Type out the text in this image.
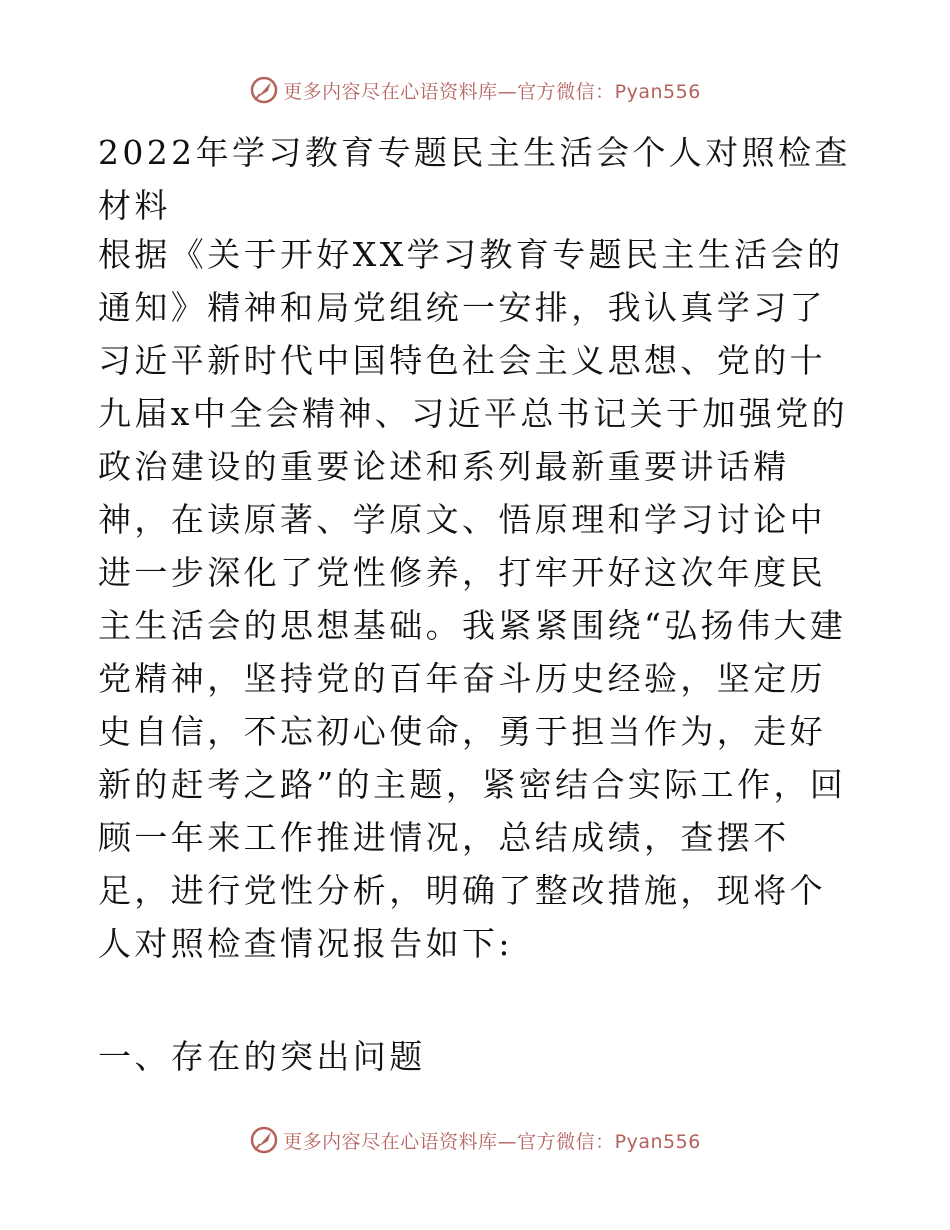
更多内容尽在心语资料库—官方微信：Pyan556
2022年学习教育专题民主生活会个人对照检查材料
根据《关于开好XX学习教育专题民主生活会的通知》精神和局党组统一安排，我认真学习了习近平新时代中国特色社会主义思想、党的十九届x中全会精神、习近平总书记关于加强党的政治建设的重要论述和系列最新重要讲话精神，在读原著、学原文、悟原理和学习讨论中进一步深化了党性修养，打牢开好这次年度民主生活会的思想基础。我紧紧围绕“弘扬伟大建党精神，坚持党的百年奋斗历史经验，坚定历史自信，不忘初心使命，勇于担当作为，走好新的赶考之路”的主题，紧密结合实际工作，回顾一年来工作推进情况，总结成绩，查摆不足，进行党性分析，明确了整改措施，现将个人对照检查情况报告如下:
一、存在的突出问题
更多内容尽在心语资料库—官方微信：Pyan556
